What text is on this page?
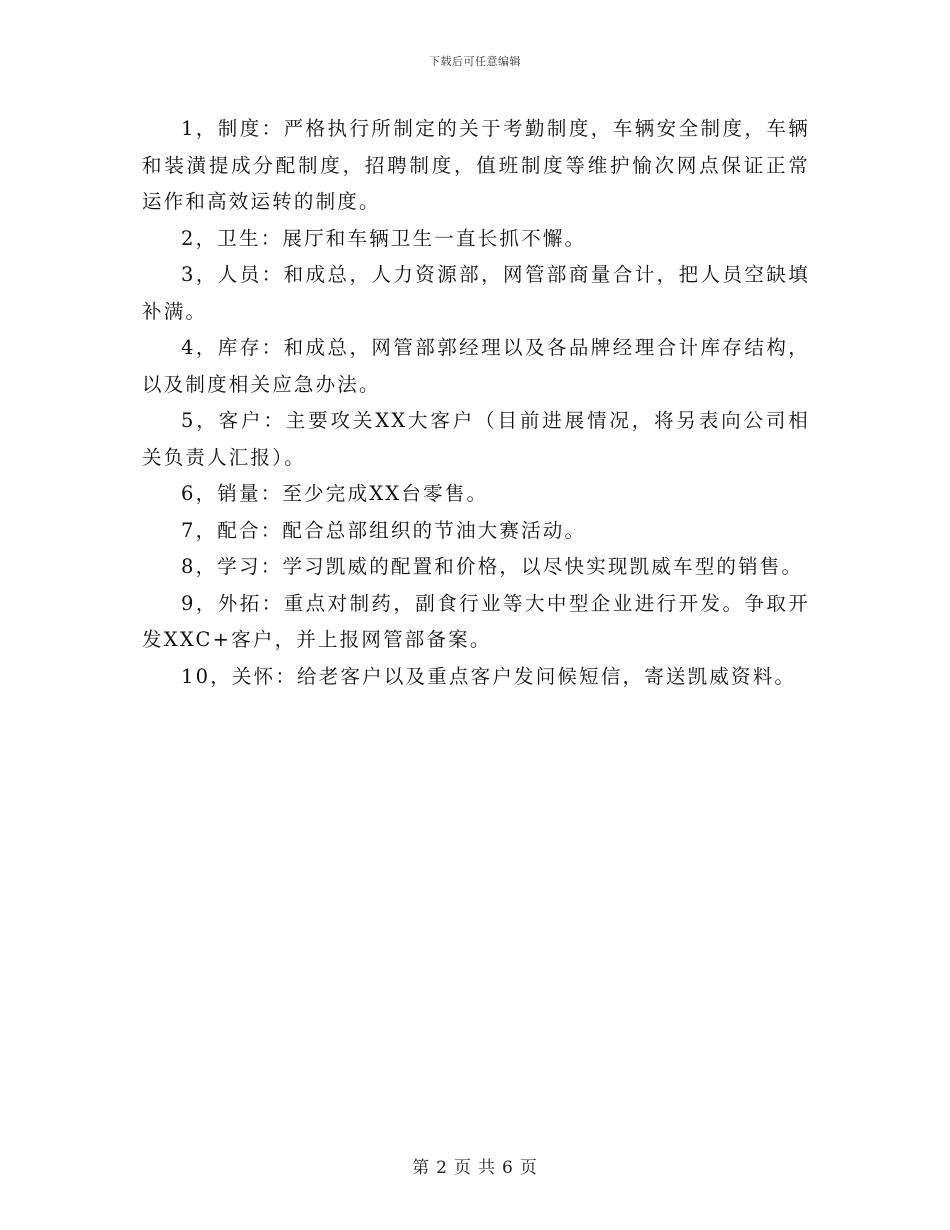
下载后可任意编辑

1，制度：严格执行所制定的关于考勤制度，车辆安全制度，车辆和装潢提成分配制度，招聘制度，值班制度等维护愉次网点保证正常运作和高效运转的制度。

2，卫生：展厅和车辆卫生一直长抓不懈。

3，人员：和成总，人力资源部，网管部商量合计，把人员空缺填补满。

4，库存：和成总，网管部郭经理以及各品牌经理合计库存结构，以及制度相关应急办法。

5，客户：主要攻关XX大客户（目前进展情况，将另表向公司相关负责人汇报）。

6，销量：至少完成XX台零售。

7，配合：配合总部组织的节油大赛活动。

8，学习：学习凯威的配置和价格，以尽快实现凯威车型的销售。

9，外拓：重点对制药，副食行业等大中型企业进行开发。争取开发XXC+客户，并上报网管部备案。

10，关怀：给老客户以及重点客户发问候短信，寄送凯威资料。

第 2 页 共 6 页
